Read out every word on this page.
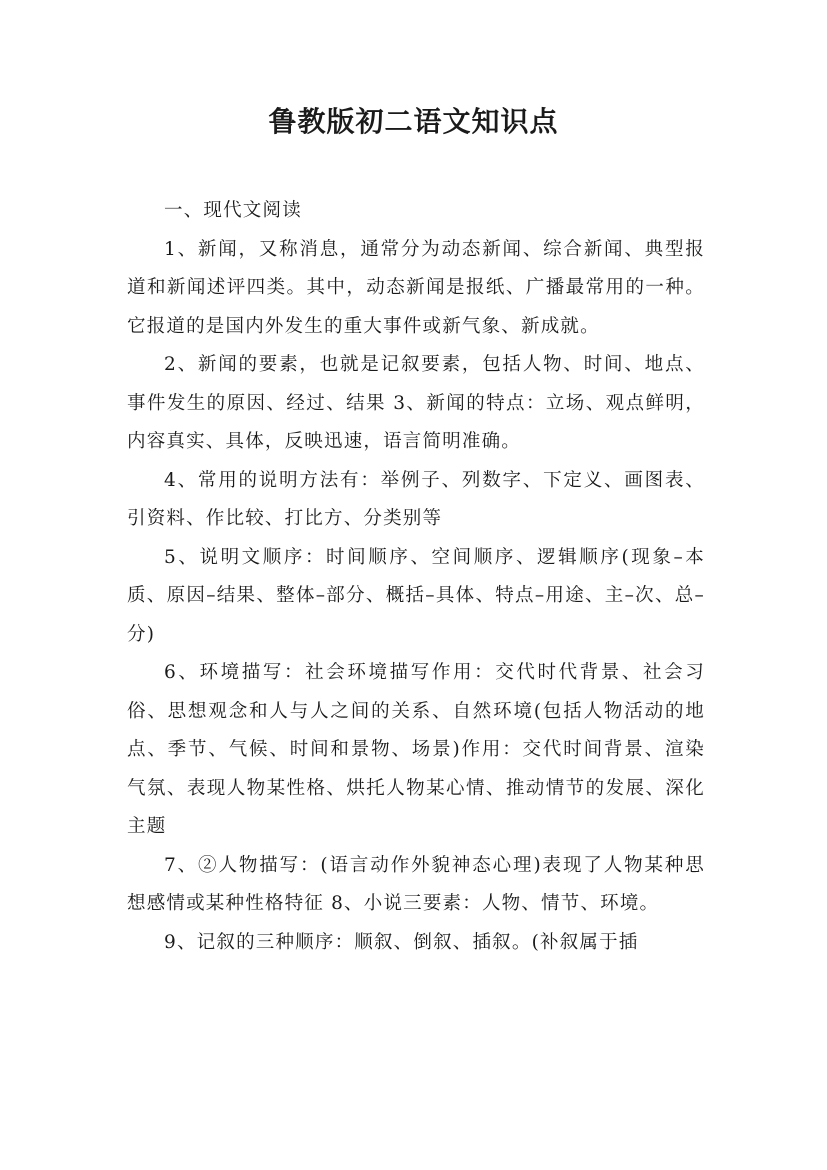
鲁教版初二语文知识点

一、现代文阅读

1、新闻，又称消息，通常分为动态新闻、综合新闻、典型报道和新闻述评四类。其中，动态新闻是报纸、广播最常用的一种。它报道的是国内外发生的重大事件或新气象、新成就。

2、新闻的要素，也就是记叙要素，包括人物、时间、地点、事件发生的原因、经过、结果 3、新闻的特点：立场、观点鲜明，内容真实、具体，反映迅速，语言简明准确。

4、常用的说明方法有：举例子、列数字、下定义、画图表、引资料、作比较、打比方、分类别等

5、说明文顺序：时间顺序、空间顺序、逻辑顺序(现象–本质、原因–结果、整体–部分、概括–具体、特点–用途、主–次、总–分)

6、环境描写：社会环境描写作用：交代时代背景、社会习俗、思想观念和人与人之间的关系、自然环境(包括人物活动的地点、季节、气候、时间和景物、场景)作用：交代时间背景、渲染气氛、表现人物某性格、烘托人物某心情、推动情节的发展、深化主题

7、②人物描写：(语言动作外貌神态心理)表现了人物某种思想感情或某种性格特征 8、小说三要素：人物、情节、环境。

9、记叙的三种顺序：顺叙、倒叙、插叙。(补叙属于插
